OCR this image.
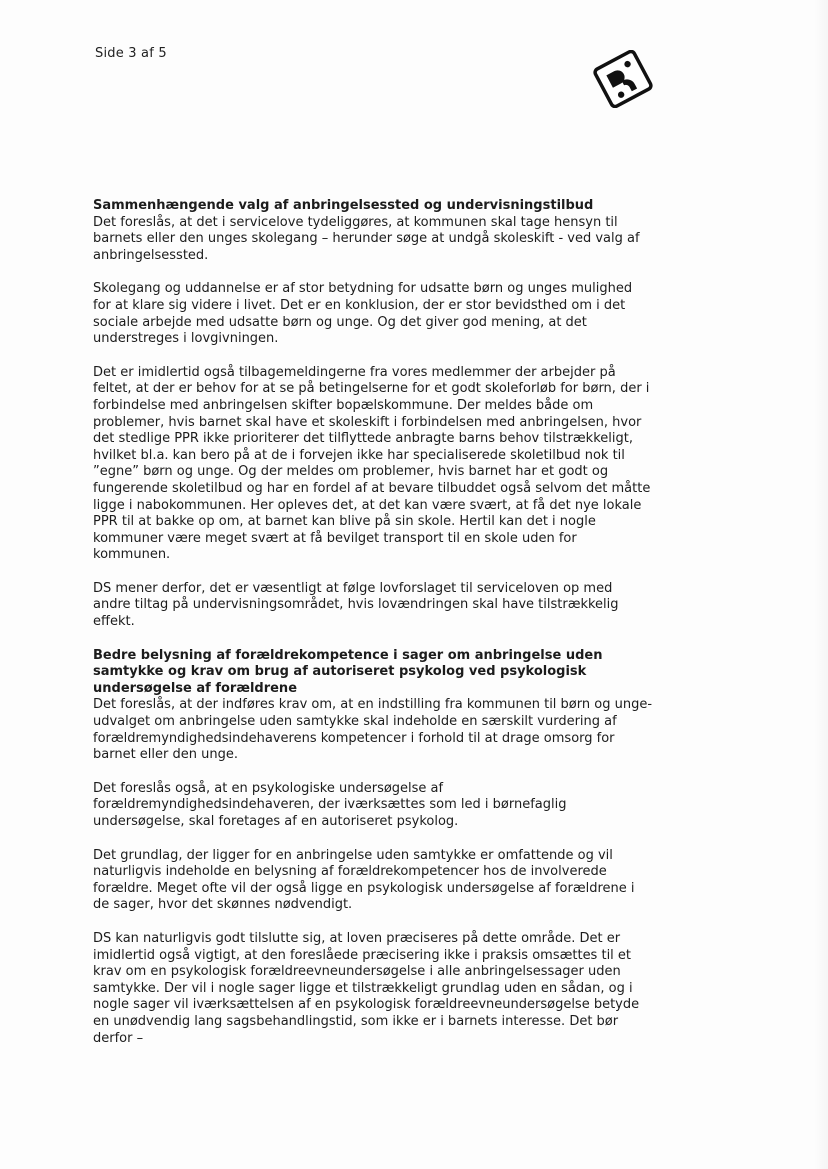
Side 3 af 5

Sammenhængende valg af anbringelsessted og undervisningstilbud

Det foreslås, at det i servicelove tydeliggøres, at kommunen skal tage hensyn til barnets eller den unges skolegang – herunder søge at undgå skoleskift - ved valg af anbringelsessted.

Skolegang og uddannelse er af stor betydning for udsatte børn og unges mulighed for at klare sig videre i livet. Det er en konklusion, der er stor bevidsthed om i det sociale arbejde med udsatte børn og unge. Og det giver god mening, at det understreges i lovgivningen.

Det er imidlertid også tilbagemeldingerne fra vores medlemmer der arbejder på feltet, at der er behov for at se på betingelserne for et godt skoleforløb for børn, der i forbindelse med anbringelsen skifter bopælskommune. Der meldes både om problemer, hvis barnet skal have et skoleskift i forbindelsen med anbringelsen, hvor det stedlige PPR ikke prioriterer det tilflyttede anbragte barns behov tilstrækkeligt, hvilket bl.a. kan bero på at de i forvejen ikke har specialiserede skoletilbud nok til ”egne” børn og unge. Og der meldes om problemer, hvis barnet har et godt og fungerende skoletilbud og har en fordel af at bevare tilbuddet også selvom det måtte ligge i nabokommunen. Her opleves det, at det kan være svært, at få det nye lokale PPR til at bakke op om, at barnet kan blive på sin skole. Hertil kan det i nogle kommuner være meget svært at få bevilget transport til en skole uden for kommunen.

DS mener derfor, det er væsentligt at følge lovforslaget til serviceloven op med andre tiltag på undervisningsområdet, hvis lovændringen skal have tilstrækkelig effekt.

Bedre belysning af forældrekompetence i sager om anbringelse uden samtykke og krav om brug af autoriseret psykolog ved psykologisk undersøgelse af forældrene

Det foreslås, at der indføres krav om, at en indstilling fra kommunen til børn og unge-udvalget om anbringelse uden samtykke skal indeholde en særskilt vurdering af forældremyndighedsindehaverens kompetencer i forhold til at drage omsorg for barnet eller den unge.

Det foreslås også, at en psykologiske undersøgelse af forældremyndighedsindehaveren, der iværksættes som led i børnefaglig undersøgelse, skal foretages af en autoriseret psykolog.

Det grundlag, der ligger for en anbringelse uden samtykke er omfattende og vil naturligvis indeholde en belysning af forældrekompetencer hos de involverede forældre. Meget ofte vil der også ligge en psykologisk undersøgelse af forældrene i de sager, hvor det skønnes nødvendigt.

DS kan naturligvis godt tilslutte sig, at loven præciseres på dette område. Det er imidlertid også vigtigt, at den foreslåede præcisering ikke i praksis omsættes til et krav om en psykologisk forældreevneundersøgelse i alle anbringelsessager uden samtykke. Der vil i nogle sager ligge et tilstrækkeligt grundlag uden en sådan, og i nogle sager vil iværksættelsen af en psykologisk forældreevneundersøgelse betyde en unødvendig lang sagsbehandlingstid, som ikke er i barnets interesse. Det bør derfor –
